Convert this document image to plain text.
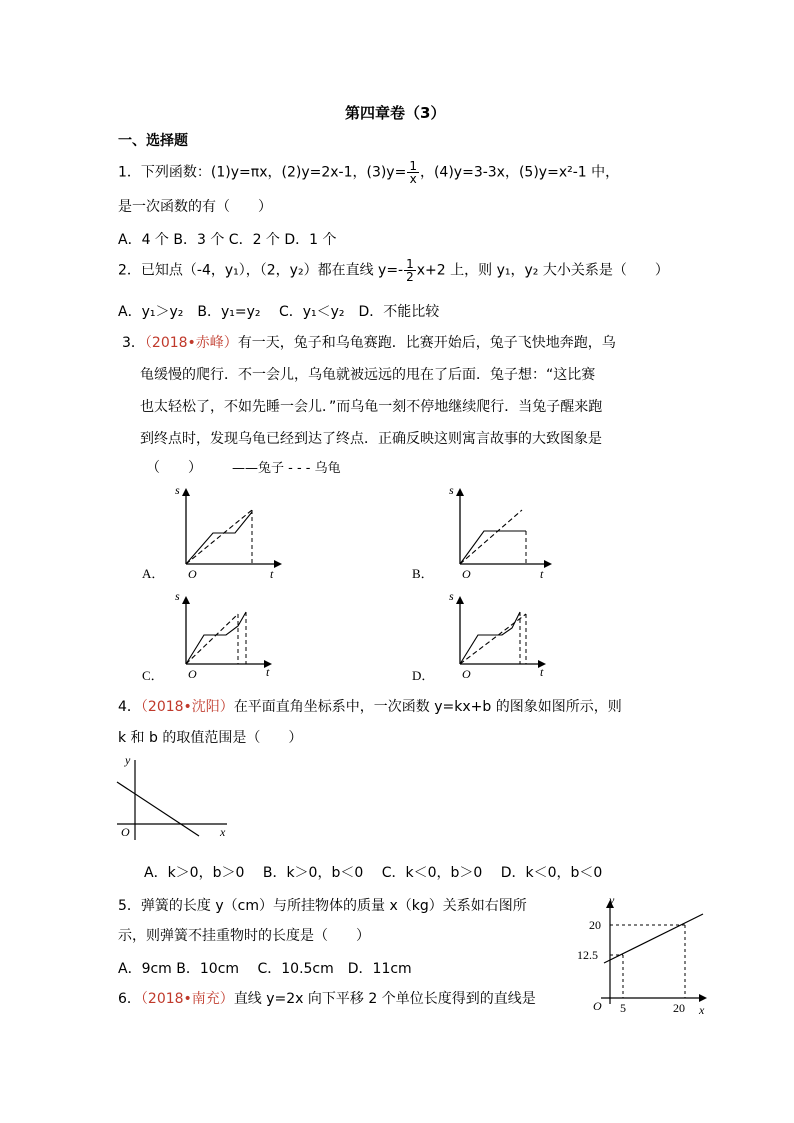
第四章卷（3）
一、选择题
1．下列函数：(1)y=πx，(2)y=2x-1，$(3)y= \frac{1}{x}$ ，(4)y=3-3x，(5)y=x²-1 中，
是一次函数的有（　　）
A．4 个 B．3 个 C．2 个 D．1 个
2．已知点（-4，y₁），（2，y₂）都在直线 $y=- \frac{1}{2} x+2$ 上，则 y₁，y₂ 大小关系是（　　）
A．y₁＞y₂　B．y₁=y₂　 C．y₁＜y₂　D．不能比较
3．（2018•赤峰）有一天，兔子和乌龟赛跑．比赛开始后，兔子飞快地奔跑，乌
龟缓慢的爬行．不一会儿，乌龟就被远远的甩在了后面．兔子想：“这比赛
也太轻松了，不如先睡一会儿．”而乌龟一刻不停地继续爬行．当兔子醒来跑
到终点时，发现乌龟已经到达了终点．正确反映这则寓言故事的大致图象是
（　　） ——兔子 - - - 乌龟
s
t
O
A．
s
t
O
B．
s
t
O
C．
s
t
O
D．
4．（2018•沈阳）在平面直角坐标系中，一次函数 y=kx+b 的图象如图所示，则
k 和 b 的取值范围是（　　）
y
x
O
A．k＞0，b＞0　 B．k＞0，b＜0　 C．k＜0，b＞0　 D．k＜0，b＜0
5．弹簧的长度 y（cm）与所挂物体的质量 x（kg）关系如右图所
示，则弹簧不挂重物时的长度是（　　）
A．9cm B．10cm　 C．10.5cm　D．11cm
y
x
O
20
12.5
5	20
6．（2018•南充）直线 y=2x 向下平移 2 个单位长度得到的直线是
